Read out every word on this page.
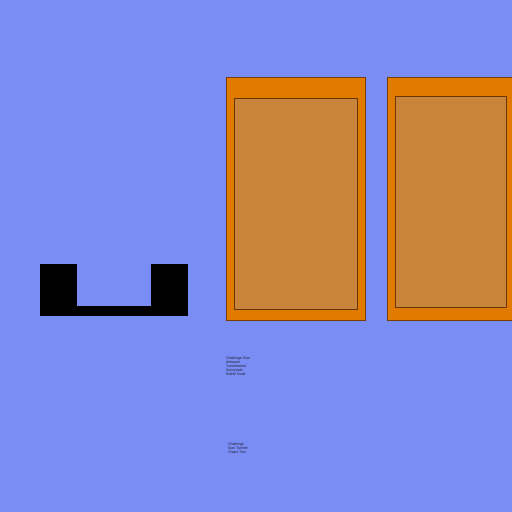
Challenge Sum Artisanal Tumbleweed Sunnydale Ruthie Dude
Challenge Sum Tumble Chanz Tom
